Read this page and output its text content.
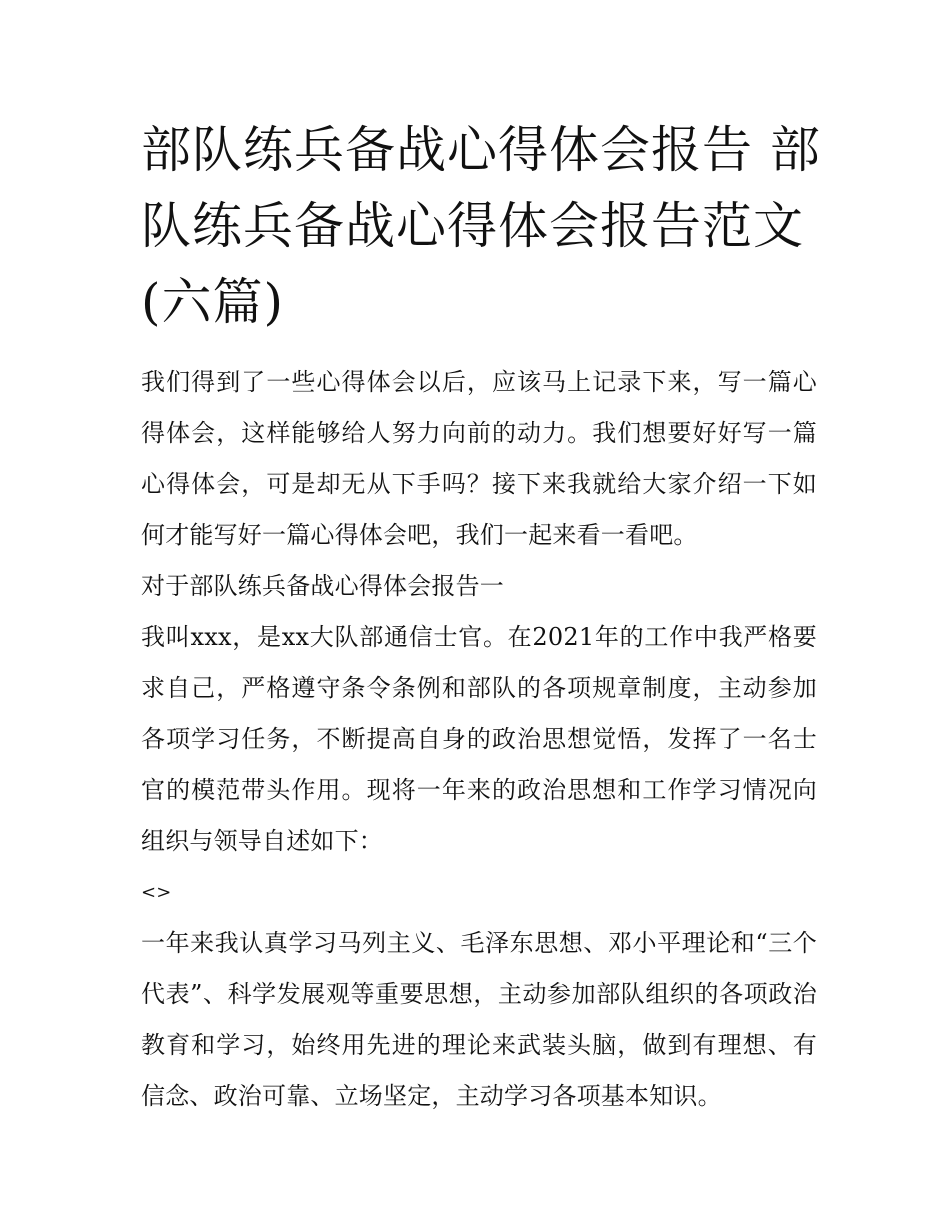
部队练兵备战心得体会报告 部队练兵备战心得体会报告范文(六篇)

我们得到了一些心得体会以后，应该马上记录下来，写一篇心得体会，这样能够给人努力向前的动力。我们想要好好写一篇心得体会，可是却无从下手吗？接下来我就给大家介绍一下如何才能写好一篇心得体会吧，我们一起来看一看吧。

对于部队练兵备战心得体会报告一

我叫xxx，是xx大队部通信士官。在2021年的工作中我严格要求自己，严格遵守条令条例和部队的各项规章制度，主动参加各项学习任务，不断提高自身的政治思想觉悟，发挥了一名士官的模范带头作用。现将一年来的政治思想和工作学习情况向组织与领导自述如下：

<>

一年来我认真学习马列主义、毛泽东思想、邓小平理论和“三个代表”、科学发展观等重要思想，主动参加部队组织的各项政治教育和学习，始终用先进的理论来武装头脑，做到有理想、有信念、政治可靠、立场坚定，主动学习各项基本知识。
